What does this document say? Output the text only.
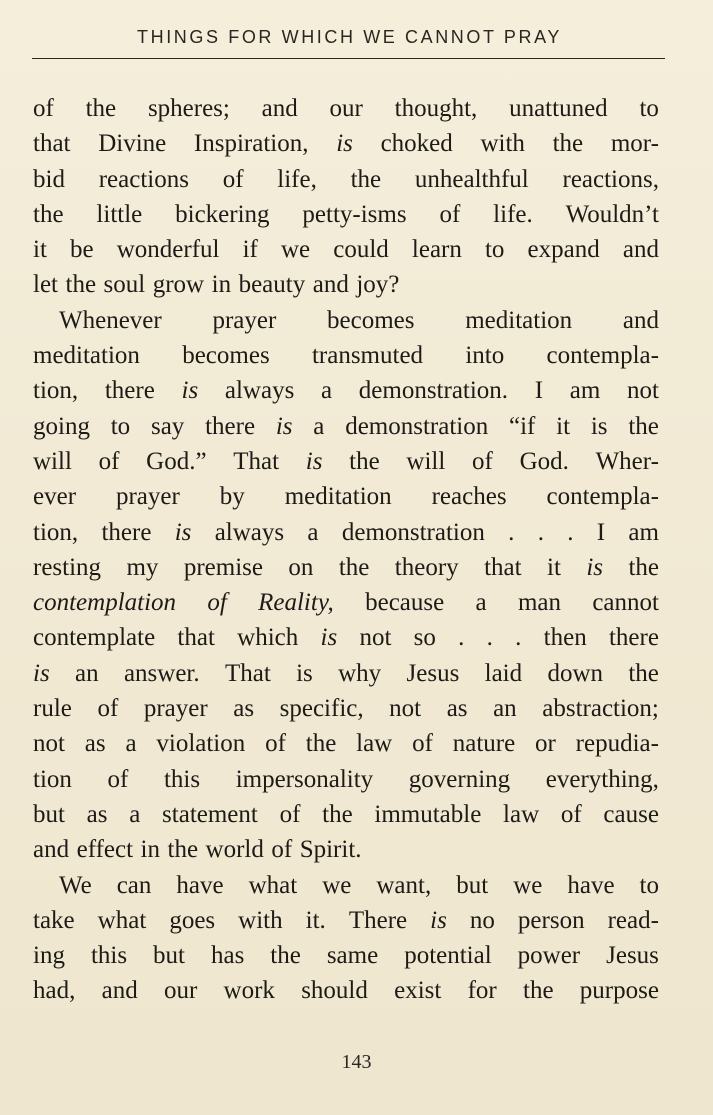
THINGS FOR WHICH WE CANNOT PRAY
of the spheres; and our thought, unattuned to
that Divine Inspiration, is choked with the mor-
bid reactions of life, the unhealthful reactions,
the little bickering petty-isms of life. Wouldn’t
it be wonderful if we could learn to expand and
let the soul grow in beauty and joy?
Whenever prayer becomes meditation and
meditation becomes transmuted into contempla-
tion, there is always a demonstration. I am not
going to say there is a demonstration “if it is the
will of God.” That is the will of God. Wher-
ever prayer by meditation reaches contempla-
tion, there is always a demonstration . . . I am
resting my premise on the theory that it is the
contemplation of Reality, because a man cannot
contemplate that which is not so . . . then there
is an answer. That is why Jesus laid down the
rule of prayer as specific, not as an abstraction;
not as a violation of the law of nature or repudia-
tion of this impersonality governing everything,
but as a statement of the immutable law of cause
and effect in the world of Spirit.
We can have what we want, but we have to
take what goes with it. There is no person read-
ing this but has the same potential power Jesus
had, and our work should exist for the purpose
143
